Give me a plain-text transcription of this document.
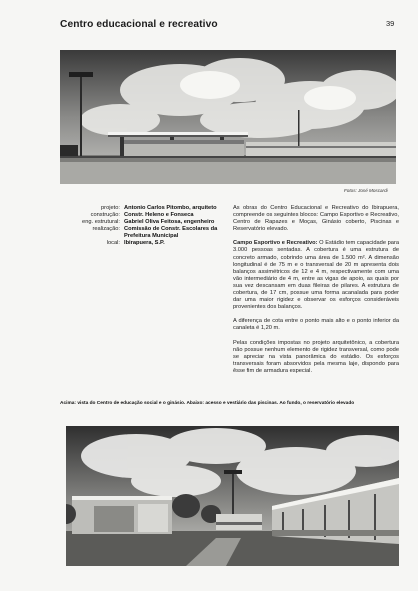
Centro educacional e recreativo	39
Fotos: José Moscardi
projeto: Antonio Carlos Pitombo, arquiteto
construção: Constr. Heleno e Fonseca
eng. estrutural: Gabriel Oliva Feitosa, engenheiro
realização: Comissão de Constr. Escolares da Prefeitura Municipal
local: Ibirapuera, S.P.

As obras do Centro Educacional e Recreativo do Ibirapuera, compreende os seguintes blocos: Campo Esportivo e Recreativo, Centro de Rapazes e Moças, Ginásio coberto, Piscinas e Reservatório elevado.

Campo Esportivo e Recreativo: O Estádio tem capacidade para 3.000 pessoas sentadas. A cobertura é uma estrutura de concreto armado, cobrindo uma área de 1.500 m². A dimensão longitudinal é de 75 m e o transversal de 20 m apresenta dois balanços assimétricos de 12 e 4 m, respectivamente com uma vão intermediário de 4 m, entre as vigas de apoio, as quais por sua vez descansam em duas fileiras de pilares. A estrutura de cobertura, de 17 cm, possue uma forma acanalada para poder dar uma maior rigidez e observar os esforços consideráveis provenientes dos balanços.

A diferença de cota entre o ponto mais alto e o ponto inferior da canaleta é 1,20 m.

Pelas condições impostas no projeto arquitetônico, a cobertura não possue nenhum elemento de rigidez transversal, como pode se apreciar na vista panorâmica do estádio. Os esforços transversais foram absorvidos pela mesma laje, dispondo para êsse fim de armadura especial.

Acima: vista do Centro de educação social e o ginásio. Abaixo: acesso e vestiário das piscinas. Ao fundo, o reservatório elevado
